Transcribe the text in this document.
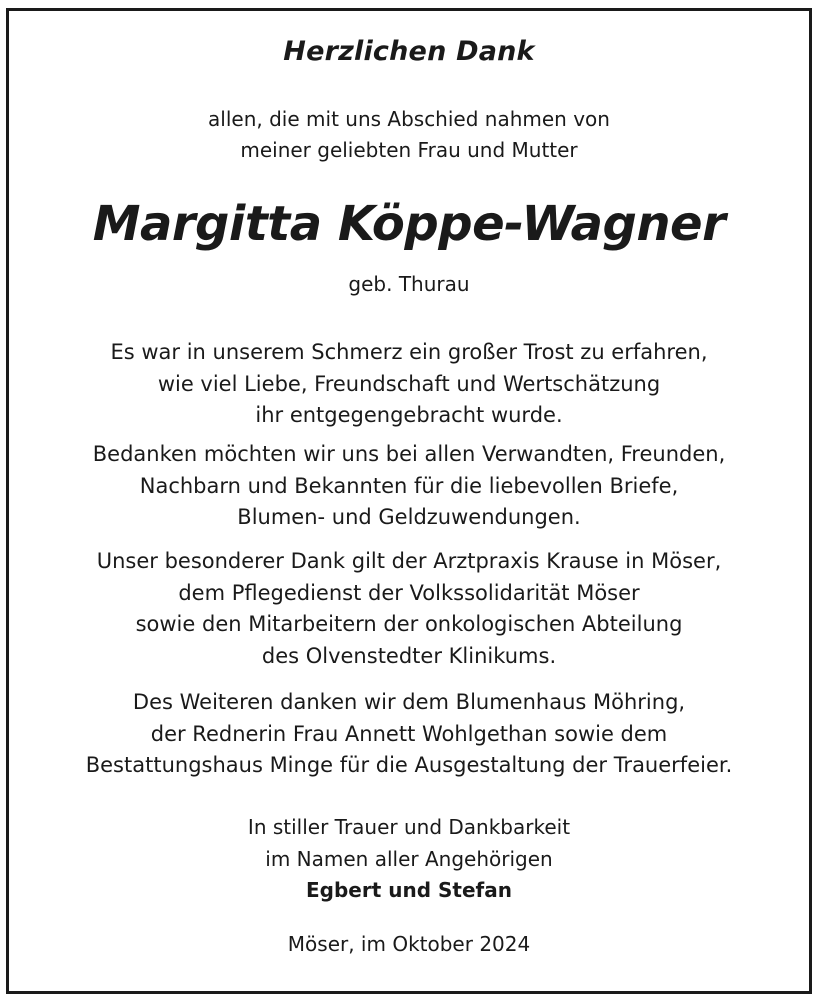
Herzlichen Dank
allen, die mit uns Abschied nahmen von
meiner geliebten Frau und Mutter
Margitta Köppe-Wagner
geb. Thurau
Es war in unserem Schmerz ein großer Trost zu erfahren,
wie viel Liebe, Freundschaft und Wertschätzung
ihr entgegengebracht wurde.
Bedanken möchten wir uns bei allen Verwandten, Freunden,
Nachbarn und Bekannten für die liebevollen Briefe,
Blumen- und Geldzuwendungen.
Unser besonderer Dank gilt der Arztpraxis Krause in Möser,
dem Pflegedienst der Volkssolidarität Möser
sowie den Mitarbeitern der onkologischen Abteilung
des Olvenstedter Klinikums.
Des Weiteren danken wir dem Blumenhaus Möhring,
der Rednerin Frau Annett Wohlgethan sowie dem
Bestattungshaus Minge für die Ausgestaltung der Trauerfeier.
In stiller Trauer und Dankbarkeit
im Namen aller Angehörigen
Egbert und Stefan
Möser, im Oktober 2024
